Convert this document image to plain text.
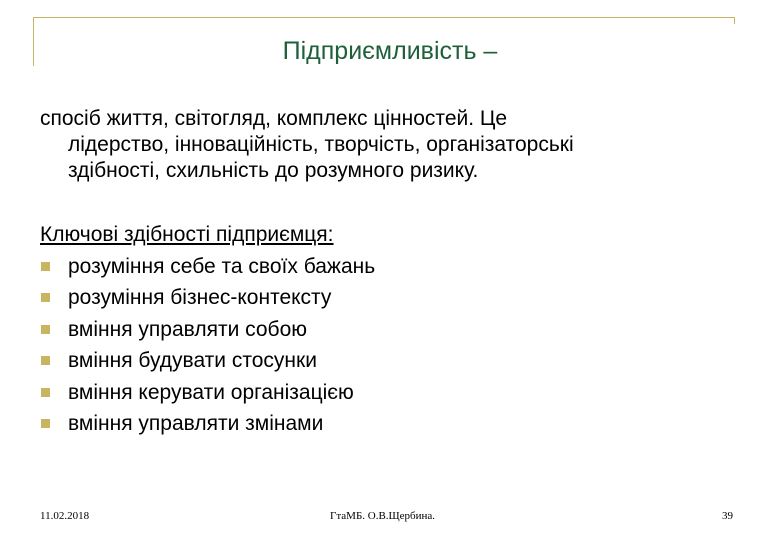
Підприємливість –
спосіб життя, світогляд, комплекс цінностей. Це
лідерство, інноваційність, творчість, організаторські
здібності, схильність до розумного ризику.
Ключові здібності підприємця:
розуміння себе та своїх бажань
розуміння бізнес-контексту
вміння управляти собою
вміння будувати стосунки
вміння керувати організацією
вміння управляти змінами
11.02.2018	ГтаМБ. О.В.Щербина.	39
